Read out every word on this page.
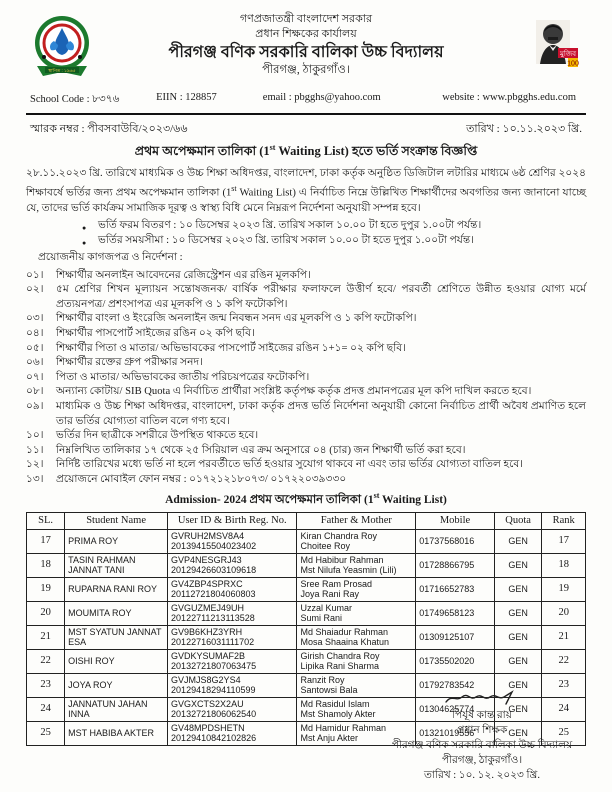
স্থাপিত : ১৯৬৫
গণপ্রজাতন্ত্রী বাংলাদেশ সরকার
প্রধান শিক্ষকের কার্যালয়
পীরগঞ্জ বণিক সরকারি বালিকা উচ্চ বিদ্যালয়
পীরগঞ্জ, ঠাকুরগাঁও।
মুজিব
100
School Code : ৮৩৭৬	EIIN : 128857	email : pbgghs@yahoo.com	website : www.pbgghs.edu.com
স্মারক নম্বর : পীবসবাউবি/২০২৩/৬৬	তারিখ : ১০.১১.২০২৩ খ্রি.
প্রথম অপেক্ষমান তালিকা (1st Waiting List) হতে ভর্তি সংক্রান্ত বিজ্ঞপ্তি

২৮.১১.২০২৩ খ্রি. তারিখে মাধ্যমিক ও উচ্চ শিক্ষা অধিদপ্তর, বাংলাদেশ, ঢাকা কর্তৃক অনুষ্ঠিত ডিজিটাল লটারির মাধ্যমে ৬ষ্ঠ শ্রেণির ২০২৪ শিক্ষাবর্ষে ভর্তির জন্য প্রথম অপেক্ষমান তালিকা (1st Waiting List) এ নির্বাচিত নিম্নে উল্লিখিত শিক্ষার্থীদের অবগতির জন্য জানানো যাচ্ছে যে, তাদের ভর্তি কার্যক্রম সামাজিক দূরত্ব ও স্বাস্থ্য বিধি মেনে নিম্নরূপ নির্দেশনা অনুযায়ী সম্পন্ন হবে।

● ভর্তি ফরম বিতরণ : ১০ ডিসেম্বর ২০২৩ খ্রি. তারিখ সকাল ১০.০০ টা হতে দুপুর ১.০০টা পর্যন্ত।
● ভর্তির সময়সীমা : ১০ ডিসেম্বর ২০২৩ খ্রি. তারিখ সকাল ১০.০০ টা হতে দুপুর ১.০০টা পর্যন্ত।
প্রয়োজনীয় কাগজপত্র ও নির্দেশনা :
০১।	শিক্ষার্থীর অনলাইন আবেদনের রেজিস্ট্রেশন এর রঙিন মূলকপি।
০২।	৫ম শ্রেণির শিখন মূল্যায়ন সন্তোষজনক/ বার্ষিক পরীক্ষার ফলাফলে উত্তীর্ণ হবে/ পরবর্তী শ্রেণিতে উন্নীত হওয়ার যোগ্য মর্মে প্রত্যয়নপত্র/ প্রশংসাপত্র এর মূলকপি ও ১ কপি ফটোকপি।
০৩।	শিক্ষার্থীর বাংলা ও ইংরেজি অনলাইন জন্ম নিবন্ধন সনদ এর মূলকপি ও ১ কপি ফটোকপি।
০৪।	শিক্ষার্থীর পাসপোর্ট সাইজের রঙিন ০২ কপি ছবি।
০৫।	শিক্ষার্থীর পিতা ও মাতার/ অভিভাবকের পাসপোর্ট সাইজের রঙিন ১+১= ০২ কপি ছবি।
০৬।	শিক্ষার্থীর রক্তের গ্রুপ পরীক্ষার সনদ।
০৭।	পিতা ও মাতার/ অভিভাবকের জাতীয় পরিচয়পত্রের ফটোকপি।
০৮।	অন্যান্য কোটায়/ SIB Quota এ নির্বাচিত প্রার্থীরা সংশ্লিষ্ট কর্তৃপক্ষ কর্তৃক প্রদত্ত প্রমানপত্রের মূল কপি দাখিল করতে হবে।
০৯।	মাধ্যমিক ও উচ্চ শিক্ষা অধিদপ্তর, বাংলাদেশ, ঢাকা কর্তৃক প্রদত্ত ভর্তি নির্দেশনা অনুযায়ী কোনো নির্বাচিত প্রার্থী অবৈধ প্রমাণিত হলে তার ভর্তির যোগ্যতা বাতিল বলে গণ্য হবে।
১০।	ভর্তির দিন ছাত্রীকে সশরীরে উপস্থিত থাকতে হবে।
১১।	নিম্নলিখিত তালিকার ১৭ থেকে ২৫ সিরিয়াল এর ক্রম অনুসারে ০৪ (চার) জন শিক্ষার্থী ভর্তি করা হবে।
১২।	নির্দিষ্ট তারিখের মধ্যে ভর্তি না হলে পরবর্তীতে ভর্তি হওয়ার সুযোগ থাকবে না এবং তার ভর্তির যোগ্যতা বাতিল হবে।
১৩।	প্রয়োজনে মোবাইল ফোন নম্বর : ০১৭২১২১৮০৭৩/ ০১৭২২০৩৯৩৩০
Admission- 2024 প্রথম অপেক্ষমান তালিকা (1st Waiting List)
SL.	Student Name	User ID & Birth Reg. No.	Father & Mother	Mobile	Quota	Rank
17	PRIMA ROY	
GVRUH2MSV8A4
20139415504023402

Kiran Chandra Roy
Choitee Roy
	01737568016	GEN	17
18	TASIN RAHMAN JANNAT TANI	
GVP4NESGRJ43
20129426603109618

Md Habibur Rahman
Mst Nilufa Yeasmin (Lili)
	01728866795	GEN	18
19	RUPARNA RANI ROY	
GV4ZBP4SPRXC
20112721804060803

Sree Ram Prosad
Joya Rani Ray
	01716652783	GEN	19
20	MOUMITA ROY	
GVGUZMEJ49UH
20122711213113528

Uzzal Kumar
Sumi Rani
	01749658123	GEN	20
21	MST SYATUN JANNAT ESA	
GV9B6KHZ3YRH
20122716031111702

Md Shaiadur Rahman
Mosa Shaaina Khatun
	01309125107	GEN	21
22	OISHI ROY	
GVDKYSUMAF2B
20132721807063475

Girish Chandra Roy
Lipika Rani Sharma
	01735502020	GEN	22
23	JOYA ROY	
GVJMJS8G2YS4
20129418294110599

Ranzit Roy
Santowsi Bala
	01792783542	GEN	23
24	JANNATUN JAHAN INNA	
GVGXCTS2X2AU
20132721806062540

Md Rasidul Islam
Mst Shamoly Akter
	01304625774	GEN	24
25	MST HABIBA AKTER	
GV48MPDSHETN
20129410842102826

Md Hamidur Rahman
Mst Anju Akter
	01321019556	GEN	25
পিযূষ কান্ত রায়
প্রধান শিক্ষক
পীরগঞ্জ বণিক সরকারি বালিকা উচ্চ বিদ্যালয়
পীরগঞ্জ, ঠাকুরগাঁও।
তারিখ : ১০. ১২. ২০২৩ খ্রি.
